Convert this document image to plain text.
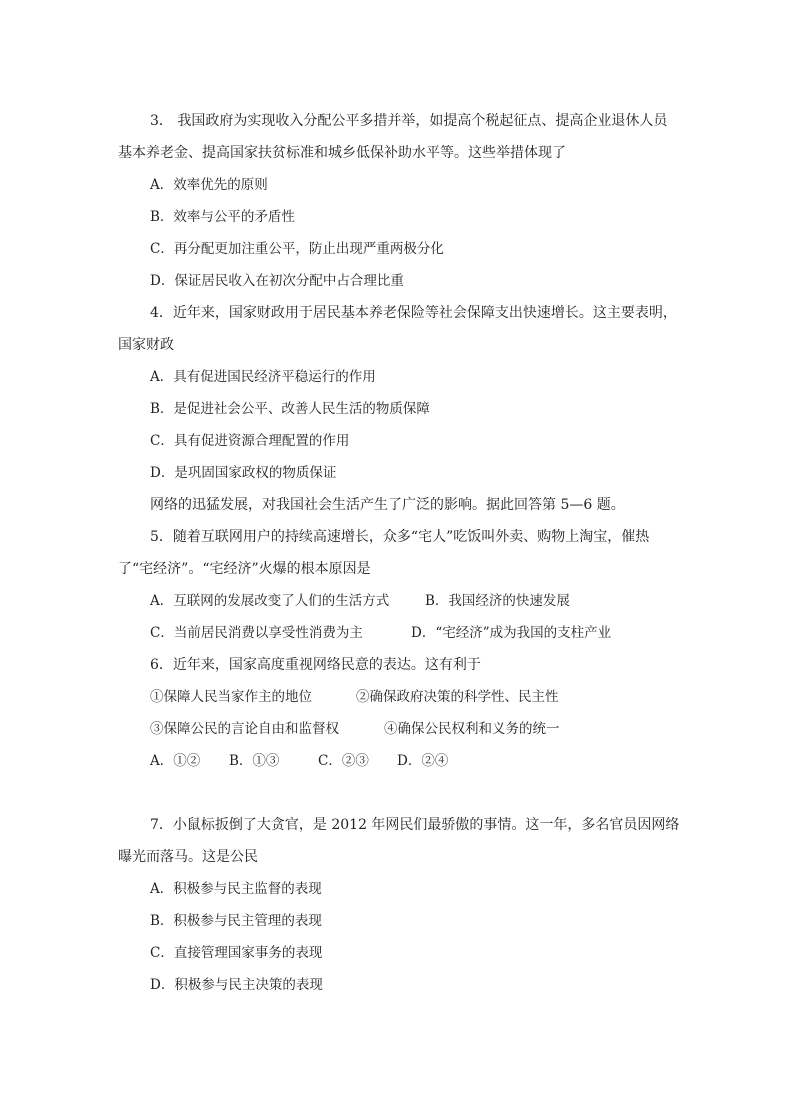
3． 我国政府为实现收入分配公平多措并举，如提高个税起征点、提高企业退休人员
基本养老金、提高国家扶贫标准和城乡低保补助水平等。这些举措体现了
A．效率优先的原则
B．效率与公平的矛盾性
C．再分配更加注重公平，防止出现严重两极分化
D．保证居民收入在初次分配中占合理比重
4．近年来，国家财政用于居民基本养老保险等社会保障支出快速增长。这主要表明，
国家财政
A．具有促进国民经济平稳运行的作用
B．是促进社会公平、改善人民生活的物质保障
C．具有促进资源合理配置的作用
D．是巩固国家政权的物质保证
网络的迅猛发展，对我国社会生活产生了广泛的影响。据此回答第 5—6 题。
5．随着互联网用户的持续高速增长，众多“宅人”吃饭叫外卖、购物上淘宝，催热
了“宅经济”。“宅经济”火爆的根本原因是
A．互联网的发展改变了人们的生活方式	B．我国经济的快速发展
C．当前居民消费以享受性消费为主	D．“宅经济”成为我国的支柱产业
6．近年来，国家高度重视网络民意的表达。这有利于
①保障人民当家作主的地位	②确保政府决策的科学性、民主性
③保障公民的言论自由和监督权	④确保公民权利和义务的统一
A．①② B．①③	C．②③ D．②④
7．小鼠标扳倒了大贪官，是 2012 年网民们最骄傲的事情。这一年，多名官员因网络
曝光而落马。这是公民
A．积极参与民主监督的表现
B．积极参与民主管理的表现
C．直接管理国家事务的表现
D．积极参与民主决策的表现
